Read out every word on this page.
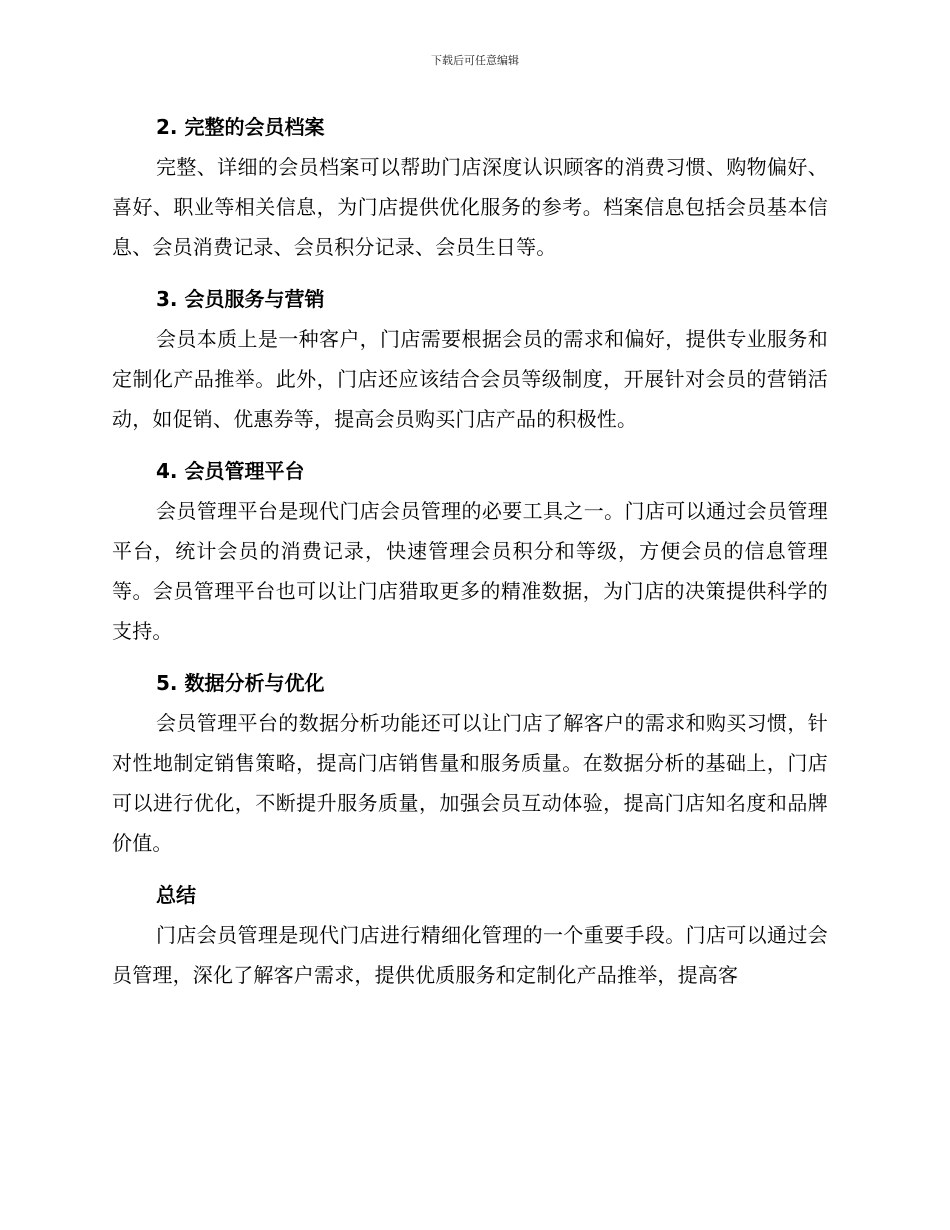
下载后可任意编辑
2. 完整的会员档案

完整、详细的会员档案可以帮助门店深度认识顾客的消费习惯、购物偏好、喜好、职业等相关信息，为门店提供优化服务的参考。档案信息包括会员基本信息、会员消费记录、会员积分记录、会员生日等。

3. 会员服务与营销

会员本质上是一种客户，门店需要根据会员的需求和偏好，提供专业服务和定制化产品推举。此外，门店还应该结合会员等级制度，开展针对会员的营销活动，如促销、优惠券等，提高会员购买门店产品的积极性。

4. 会员管理平台

会员管理平台是现代门店会员管理的必要工具之一。门店可以通过会员管理平台，统计会员的消费记录，快速管理会员积分和等级，方便会员的信息管理等。会员管理平台也可以让门店猎取更多的精准数据，为门店的决策提供科学的支持。

5. 数据分析与优化

会员管理平台的数据分析功能还可以让门店了解客户的需求和购买习惯，针对性地制定销售策略，提高门店销售量和服务质量。在数据分析的基础上，门店可以进行优化，不断提升服务质量，加强会员互动体验，提高门店知名度和品牌价值。

总结

门店会员管理是现代门店进行精细化管理的一个重要手段。门店可以通过会员管理，深化了解客户需求，提供优质服务和定制化产品推举，提高客
